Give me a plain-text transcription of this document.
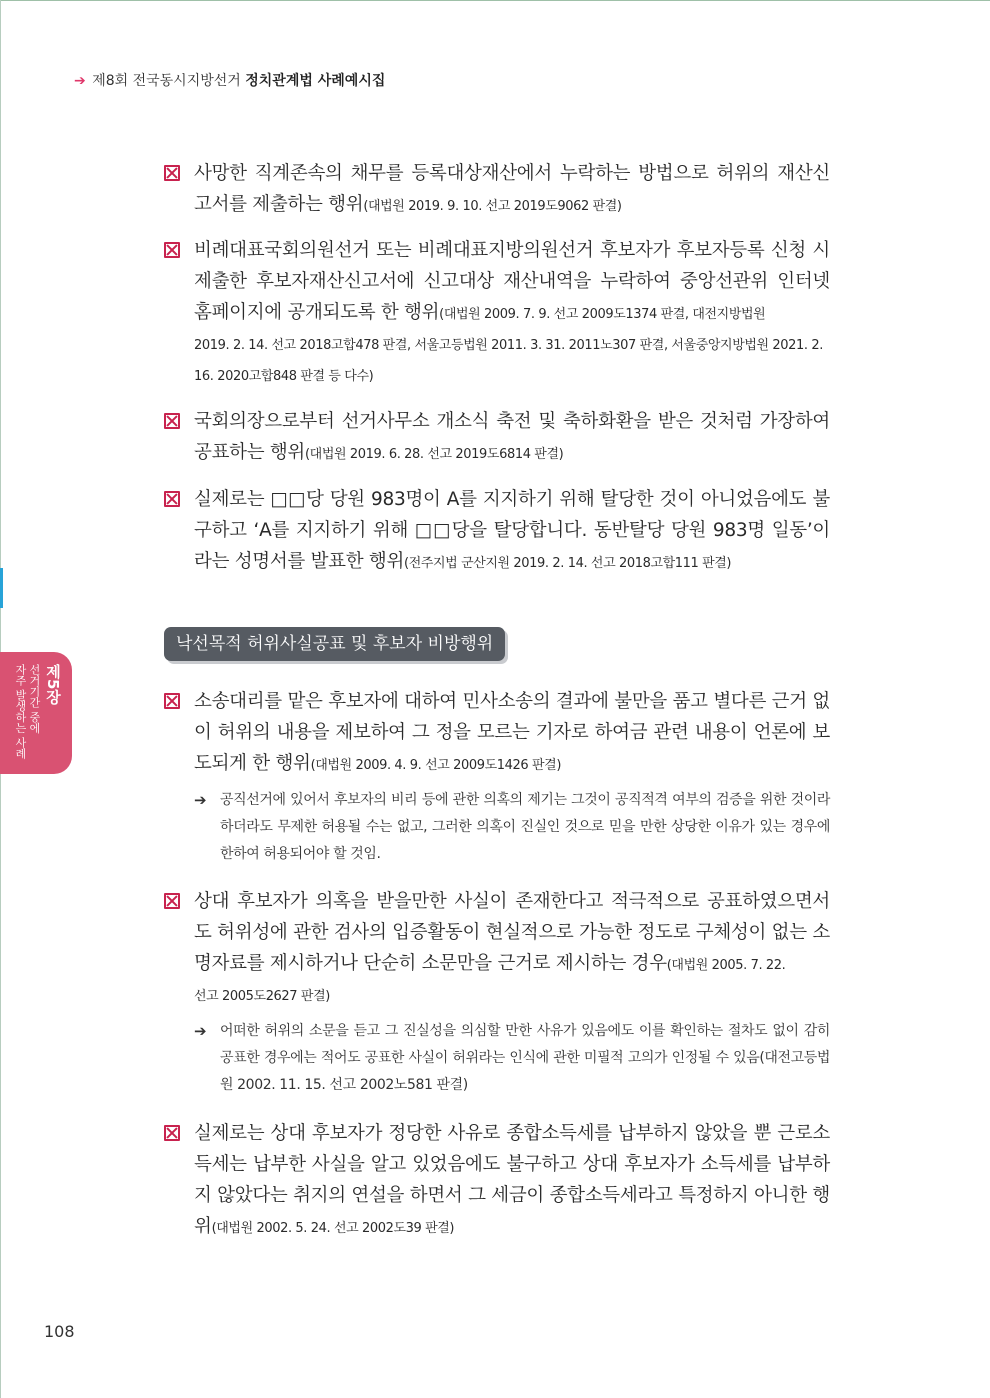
➔ 제8회 전국동시지방선거 정치관계법 사례예시집
제5장
선거기간 중에
자주 발생하는 사례
사망한 직계존속의 채무를 등록대상재산에서 누락하는 방법으로 허위의 재산신고서를 제출하는 행위(대법원 2019. 9. 10. 선고 2019도9062 판결)
비례대표국회의원선거 또는 비례대표지방의원선거 후보자가 후보자등록 신청 시 제출한 후보자재산신고서에 신고대상 재산내역을 누락하여 중앙선관위 인터넷 홈페이지에 공개되도록 한 행위(대법원 2009. 7. 9. 선고 2009도1374 판결, 대전지방법원
2019. 2. 14. 선고 2018고합478 판결, 서울고등법원 2011. 3. 31. 2011노307 판결, 서울중앙지방법원 2021. 2. 16. 2020고합848 판결 등 다수)
국회의장으로부터 선거사무소 개소식 축전 및 축하화환을 받은 것처럼 가장하여 공표하는 행위(대법원 2019. 6. 28. 선고 2019도6814 판결)
실제로는 □□당 당원 983명이 A를 지지하기 위해 탈당한 것이 아니었음에도 불구하고 ‘A를 지지하기 위해 □□당을 탈당합니다. 동반탈당 당원 983명 일동’이라는 성명서를 발표한 행위(전주지법 군산지원 2019. 2. 14. 선고 2018고합111 판결)
낙선목적 허위사실공표 및 후보자 비방행위
소송대리를 맡은 후보자에 대하여 민사소송의 결과에 불만을 품고 별다른 근거 없이 허위의 내용을 제보하여 그 정을 모르는 기자로 하여금 관련 내용이 언론에 보도되게 한 행위(대법원 2009. 4. 9. 선고 2009도1426 판결)
➔ 공직선거에 있어서 후보자의 비리 등에 관한 의혹의 제기는 그것이 공직적격 여부의 검증을 위한 것이라 하더라도 무제한 허용될 수는 없고, 그러한 의혹이 진실인 것으로 믿을 만한 상당한 이유가 있는 경우에 한하여 허용되어야 할 것임.
상대 후보자가 의혹을 받을만한 사실이 존재한다고 적극적으로 공표하였으면서도 허위성에 관한 검사의 입증활동이 현실적으로 가능한 정도로 구체성이 없는 소명자료를 제시하거나 단순히 소문만을 근거로 제시하는 경우(대법원 2005. 7. 22.
선고 2005도2627 판결)
➔ 어떠한 허위의 소문을 듣고 그 진실성을 의심할 만한 사유가 있음에도 이를 확인하는 절차도 없이 감히 공표한 경우에는 적어도 공표한 사실이 허위라는 인식에 관한 미필적 고의가 인정될 수 있음(대전고등법원 2002. 11. 15. 선고 2002노581 판결)
실제로는 상대 후보자가 정당한 사유로 종합소득세를 납부하지 않았을 뿐 근로소득세는 납부한 사실을 알고 있었음에도 불구하고 상대 후보자가 소득세를 납부하지 않았다는 취지의 연설을 하면서 그 세금이 종합소득세라고 특정하지 아니한 행위(대법원 2002. 5. 24. 선고 2002도39 판결)
108
